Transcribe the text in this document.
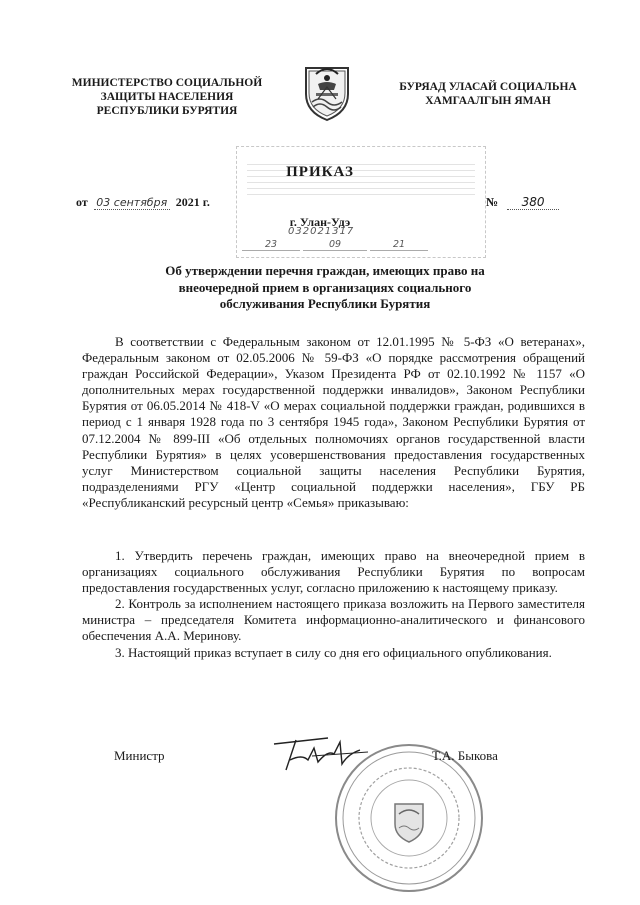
МИНИСТЕРСТВО СОЦИАЛЬНОЙ
ЗАЩИТЫ НАСЕЛЕНИЯ
РЕСПУБЛИКИ БУРЯТИЯ
БУРЯАД УЛАСАЙ СОЦИАЛЬНА
ХАМГААЛГЫН ЯМАН
ПРИКАЗ
от 03 сентября 2021 г.	№ 380
г. Улан-Удэ
032021317
23	09	21
Об утверждении перечня граждан, имеющих право на
внеочередной прием в организациях социального
обслуживания Республики Бурятия

В соответствии с Федеральным законом от 12.01.1995 № 5-ФЗ «О ветеранах», Федеральным законом от 02.05.2006 № 59-ФЗ «О порядке рассмотрения обращений граждан Российской Федерации», Указом Президента РФ от 02.10.1992 № 1157 «О дополнительных мерах государственной поддержки инвалидов», Законом Республики Бурятия от 06.05.2014 № 418-V «О мерах социальной поддержки граждан, родившихся в период с 1 января 1928 года по 3 сентября 1945 года», Законом Республики Бурятия от 07.12.2004 № 899-III «Об отдельных полномочиях органов государственной власти Республики Бурятия» в целях усовершенствования предоставления государственных услуг Министерством социальной защиты населения Республики Бурятия, подразделениями РГУ «Центр социальной поддержки населения», ГБУ РБ «Республиканский ресурсный центр «Семья» приказываю:

1. Утвердить перечень граждан, имеющих право на внеочередной прием в организациях социального обслуживания Республики Бурятия по вопросам предоставления государственных услуг, согласно приложению к настоящему приказу.

2. Контроль за исполнением настоящего приказа возложить на Первого заместителя министра – председателя Комитета информационно-аналитического и финансового обеспечения А.А. Меринову.

3. Настоящий приказ вступает в силу со дня его официального опубликования.

Министр	Т.А. Быкова
